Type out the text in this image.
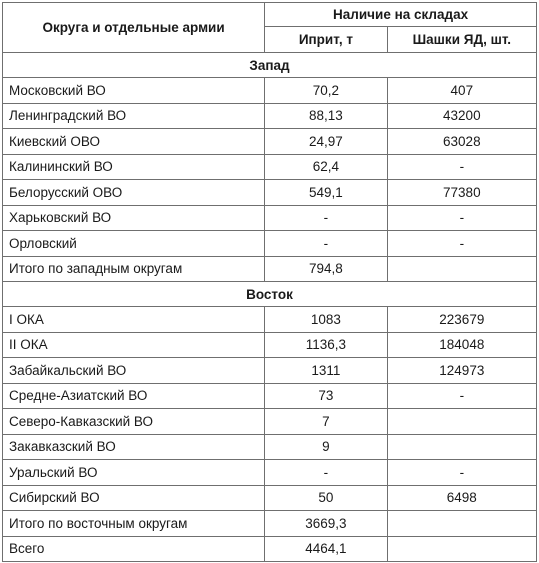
Округа и отдельные армии	Наличие на складах	
	Иприт, т	Шашки ЯД, шт.
Запад		
Московский ВО	70,2	407
Ленинградский ВО	88,13	43200
Киевский ОВО	24,97	63028
Калининский ВО	62,4	-
Белорусский ОВО	549,1	77380
Харьковский ВО	-	-
Орловский	-	-
Итого по западным округам	794,8	
Восток		
I ОКА	1083	223679
II ОКА	1136,3	184048
Забайкальский ВО	1311	124973
Средне-Азиатский ВО	73	-
Северо-Кавказский ВО	7	
Закавказский ВО	9	
Уральский ВО	-	-
Сибирский ВО	50	6498
Итого по восточным округам	3669,3	
Всего	4464,1	
